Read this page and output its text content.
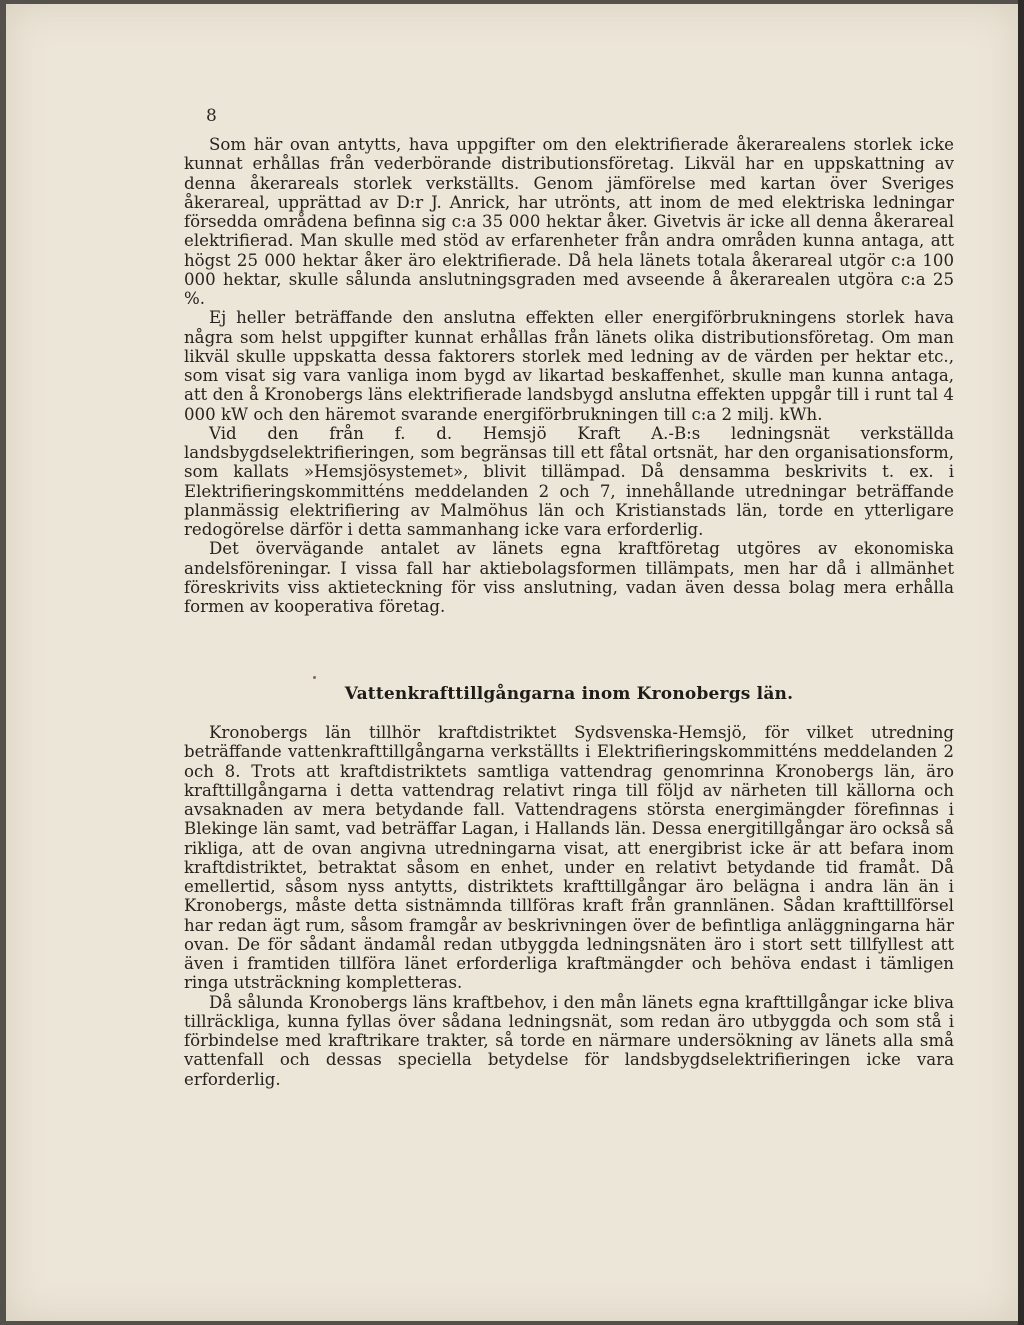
8

Som här ovan antytts, hava uppgifter om den elektrifierade åkerarealens storlek icke kunnat erhållas från vederbörande distributionsföretag. Likväl har en uppskattning av denna åkerareals storlek verkställts. Genom jämförelse med kartan över Sveriges åkerareal, upprättad av D:r J. Anrick, har utrönts, att inom de med elektriska ledningar försedda områdena befinna sig c:a 35 000 hektar åker. Givetvis är icke all denna åkerareal elektrifierad. Man skulle med stöd av erfarenheter från andra områden kunna antaga, att högst 25 000 hektar åker äro elektrifierade. Då hela länets totala åkerareal utgör c:a 100 000 hektar, skulle sålunda anslutningsgraden med avseende å åkerarealen utgöra c:a 25 %.

Ej heller beträffande den anslutna effekten eller energiförbrukningens storlek hava några som helst uppgifter kunnat erhållas från länets olika distributionsföretag. Om man likväl skulle uppskatta dessa faktorers storlek med ledning av de värden per hektar etc., som visat sig vara vanliga inom bygd av likartad beskaffenhet, skulle man kunna antaga, att den å Kronobergs läns elektrifierade landsbygd anslutna effekten uppgår till i runt tal 4 000 kW och den häremot svarande energiförbrukningen till c:a 2 milj. kWh.

Vid den från f. d. Hemsjö Kraft A.-B:s ledningsnät verkställda landsbygdselektrifieringen, som begränsas till ett fåtal ortsnät, har den organisationsform, som kallats »Hemsjösystemet», blivit tillämpad. Då densamma beskrivits t. ex. i Elektrifieringskommitténs meddelanden 2 och 7, innehållande utredningar beträffande planmässig elektrifiering av Malmöhus län och Kristianstads län, torde en ytterligare redogörelse därför i detta sammanhang icke vara erforderlig.

Det övervägande antalet av länets egna kraftföretag utgöres av ekonomiska andelsföreningar. I vissa fall har aktiebolagsformen tillämpats, men har då i allmänhet föreskrivits viss aktieteckning för viss anslutning, vadan även dessa bolag mera erhålla formen av kooperativa företag.

Vattenkrafttillgångarna inom Kronobergs län.

Kronobergs län tillhör kraftdistriktet Sydsvenska-Hemsjö, för vilket utredning beträffande vattenkrafttillgångarna verkställts i Elektrifieringskommitténs meddelanden 2 och 8. Trots att kraftdistriktets samtliga vattendrag genomrinna Kronobergs län, äro krafttillgångarna i detta vattendrag relativt ringa till följd av närheten till källorna och avsaknaden av mera betydande fall. Vattendragens största energimängder förefinnas i Blekinge län samt, vad beträffar Lagan, i Hallands län. Dessa energitillgångar äro också så rikliga, att de ovan angivna utredningarna visat, att energibrist icke är att befara inom kraftdistriktet, betraktat såsom en enhet, under en relativt betydande tid framåt. Då emellertid, såsom nyss antytts, distriktets krafttillgångar äro belägna i andra län än i Kronobergs, måste detta sistnämnda tillföras kraft från grannlänen. Sådan krafttillförsel har redan ägt rum, såsom framgår av beskrivningen över de befintliga anläggningarna här ovan. De för sådant ändamål redan utbyggda ledningsnäten äro i stort sett tillfyllest att även i framtiden tillföra länet erforderliga kraftmängder och behöva endast i tämligen ringa utsträckning kompletteras.

Då sålunda Kronobergs läns kraftbehov, i den mån länets egna krafttillgångar icke bliva tillräckliga, kunna fyllas över sådana ledningsnät, som redan äro utbyggda och som stå i förbindelse med kraftrikare trakter, så torde en närmare undersökning av länets alla små vattenfall och dessas speciella betydelse för landsbygdselektrifieringen icke vara erforderlig.
